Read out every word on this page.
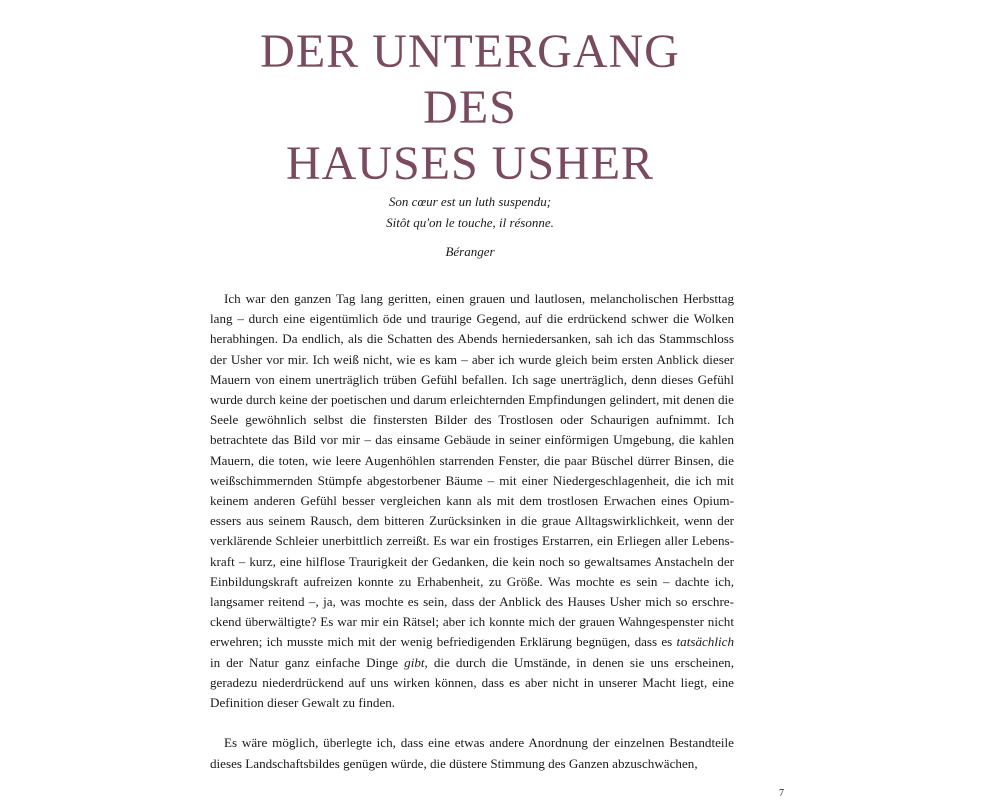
DER UNTERGANG
DES
HAUSES USHER
Son cœur est un luth suspendu;
Sitôt qu'on le touche, il résonne.
Béranger

Ich war den ganzen Tag lang geritten, einen grauen und lautlosen, melancholischen Herbsttag lang – durch eine eigentümlich öde und traurige Gegend, auf die erdrückend schwer die Wolken herabhingen. Da endlich, als die Schatten des Abends herniedersanken, sah ich das Stammschloss der Usher vor mir. Ich weiß nicht, wie es kam – aber ich wurde gleich beim ersten Anblick dieser Mauern von einem unerträglich trüben Gefühl befallen. Ich sage unerträglich, denn dieses Gefühl wurde durch keine der poetischen und darum erleichternden Empfindungen gelindert, mit denen die Seele gewöhnlich selbst die finstersten Bilder des Trostlosen oder Schaurigen aufnimmt. Ich betrachtete das Bild vor mir – das einsame Gebäude in seiner einförmigen Umgebung, die kahlen Mauern, die toten, wie leere Augenhöhlen starrenden Fenster, die paar Büschel dürrer Binsen, die weißschimmernden Stümpfe abgestorbener Bäume – mit einer Niedergeschlagenheit, die ich mit keinem anderen Gefühl besser vergleichen kann als mit dem trostlosen Erwachen eines Opiumessers aus seinem Rausch, dem bitteren Zurücksinken in die graue Alltagswirklichkeit, wenn der verklärende Schleier unerbittlich zerreißt. Es war ein frostiges Erstarren, ein Erliegen aller Lebenskraft – kurz, eine hilflose Traurigkeit der Gedanken, die kein noch so gewaltsames Anstacheln der Einbildungskraft aufreizen konnte zu Erhabenheit, zu Größe. Was mochte es sein – dachte ich, langsamer reitend –, ja, was mochte es sein, dass der Anblick des Hauses Usher mich so erschreckend überwältigte? Es war mir ein Rätsel; aber ich konnte mich der grauen Wahngespenster nicht erwehren; ich musste mich mit der wenig befriedigenden Erklärung begnügen, dass es tatsächlich in der Natur ganz einfache Dinge gibt, die durch die Umstände, in denen sie uns erscheinen, geradezu niederdrückend auf uns wirken können, dass es aber nicht in unserer Macht liegt, eine Definition dieser Gewalt zu finden.

Es wäre möglich, überlegte ich, dass eine etwas andere Anordnung der einzelnen Bestandteile dieses Landschaftsbildes genügen würde, die düstere Stimmung des Ganzen abzuschwächen,

7
